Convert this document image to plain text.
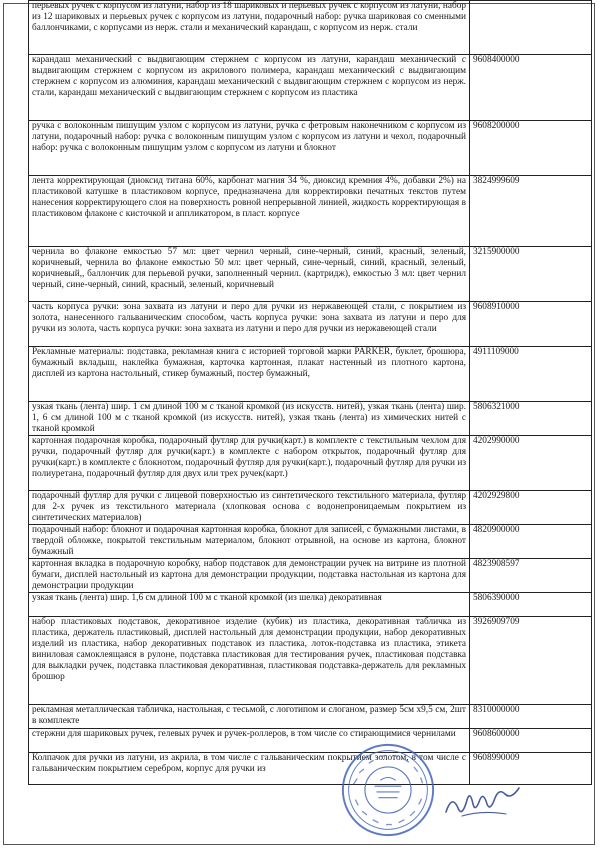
перьевых ручек с корпусом из латуни, набор из 18 шариковых и перьевых ручек с корпусом из латуни, набор из 12 шариковых и перьевых ручек с корпусом из латуни, подарочный набор: ручка шариковая со сменными баллончиками, с корпусами из нерж. стали и механический карандаш, с корпусом из нерж. стали	
карандаш механический с выдвигающим стержнем с корпусом из латуни, карандаш механический с выдвигающим стержнем с корпусом из акрилового полимера, карандаш механический с выдвигающим стержнем с корпусом из алюминия, карандаш механический с выдвигающим стержнем с корпусом из нерж. стали, карандаш механический с выдвигающим стержнем с корпусом из пластика	9608400000
ручка с волоконным пишущим узлом с корпусом из латуни, ручка с фетровым наконечником с корпусом из латуни, подарочный набор: ручка с волоконным пишущим узлом с корпусом из латуни и чехол, подарочный набор: ручка с волоконным пишущим узлом с корпусом из латуни и блокнот	9608200000
лента корректирующая (диоксид титана 60%, карбонат магния 34 %, диоксид кремния 4%, добавки 2%) на пластиковой катушке в пластиковом корпусе, предназначена для корректировки печатных текстов путем нанесения корректирующего слоя на поверхность ровной непрерывной линией, жидкость корректирующая в пластиковом флаконе с кисточкой и аппликатором, в пласт. корпусе	3824999609
чернила во флаконе емкостью 57 мл: цвет чернил черный, сине-черный, синий, красный, зеленый, коричневый, чернила во флаконе емкостью 50 мл: цвет черный, сине-черный, синий, красный, зеленый, коричневый,, баллончик для перьевой ручки, заполненный чернил. (картридж), емкостью 3 мл: цвет чернил черный, сине-черный, синий, красный, зеленый, коричневый	3215900000
часть корпуса ручки: зона захвата из латуни и перо для ручки из нержавеющей стали, с покрытием из золота, нанесенного гальваническим способом, часть корпуса ручки: зона захвата из латуни и перо для ручки из золота, часть корпуса ручки: зона захвата из латуни и перо для ручки из нержавеющей стали	9608910000
Рекламные материалы: подставка, рекламная книга с историей торговой марки PARKER, буклет, брошюра, бумажный вкладыш, наклейка бумажная, карточка картонная, плакат настенный из плотного картона, дисплей из картона настольный, стикер бумажный, постер бумажный,	4911109000
узкая ткань (лента) шир. 1 см длиной 100 м с тканой кромкой (из искусств. нитей), узкая ткань (лента) шир. 1, 6 см длиной 100 м с тканой кромкой (из искусств. нитей), узкая ткань (лента) из химических нитей с тканой кромкой	5806321000
картонная подарочная коробка, подарочный футляр для ручки(карт.) в комплекте с текстильным чехлом для ручки, подарочный футляр для ручки(карт.) в комплекте с набором открыток, подарочный футляр для ручки(карт.) в комплекте с блокнотом, подарочный футляр для ручки(карт.), подарочный футляр для ручки из полиуретана, подарочный футляр для двух или трех ручек(карт.)	4202990000
подарочный футляр для ручки с лицевой поверхностью из синтетического текстильного материала, футляр для 2-х ручек из текстильного материала (хлопковая основа с водонепроницаемым покрытием из синтетических материалов)	4202929800
подарочный набор: блокнот и подарочная картонная коробка, блокнот для записей, с бумажными листами, в твердой обложке, покрытой текстильным материалом, блокнот отрывной, на основе из картона, блокнот бумажный	4820900000
картонная вкладка в подарочную коробку, набор подставок для демонстрации ручек на витрине из плотной бумаги, дисплей настольный из картона для демонстрации продукции, подставка настольная из картона для демонстрации продукции	4823908597
узкая ткань (лента) шир. 1,6 см длиной 100 м с тканой кромкой (из шелка) декоративная	5806390000
набор пластиковых подставок, декоративное изделие (кубик) из пластика, декоративная табличка из пластика, держатель пластиковый, дисплей настольный для демонстрации продукции, набор декоративных изделий из пластика, набор декоративных подставок из пластика, лоток-подставка из пластика, этикета виниловая самоклеящаяся в рулоне, подставка пластиковая для тестирования ручек, пластиковая подставка для выкладки ручек, подставка пластиковая декоративная, пластиковая подставка-держатель для рекламных брошюр	3926909709
рекламная металлическая табличка, настольная, с тесьмой, с логотипом и слоганом, размер 5см х9,5 см, 2шт в комплекте	8310000000
стержни для шариковых ручек, гелевых ручек и ручек-роллеров, в том числе со стирающимися чернилами	9608600000
Колпачок для ручки из латуни, из акрила, в том числе с гальваническим покрытием золотом, в том числе с гальваническим покрытием серебром, корпус для ручки из	9608990009
